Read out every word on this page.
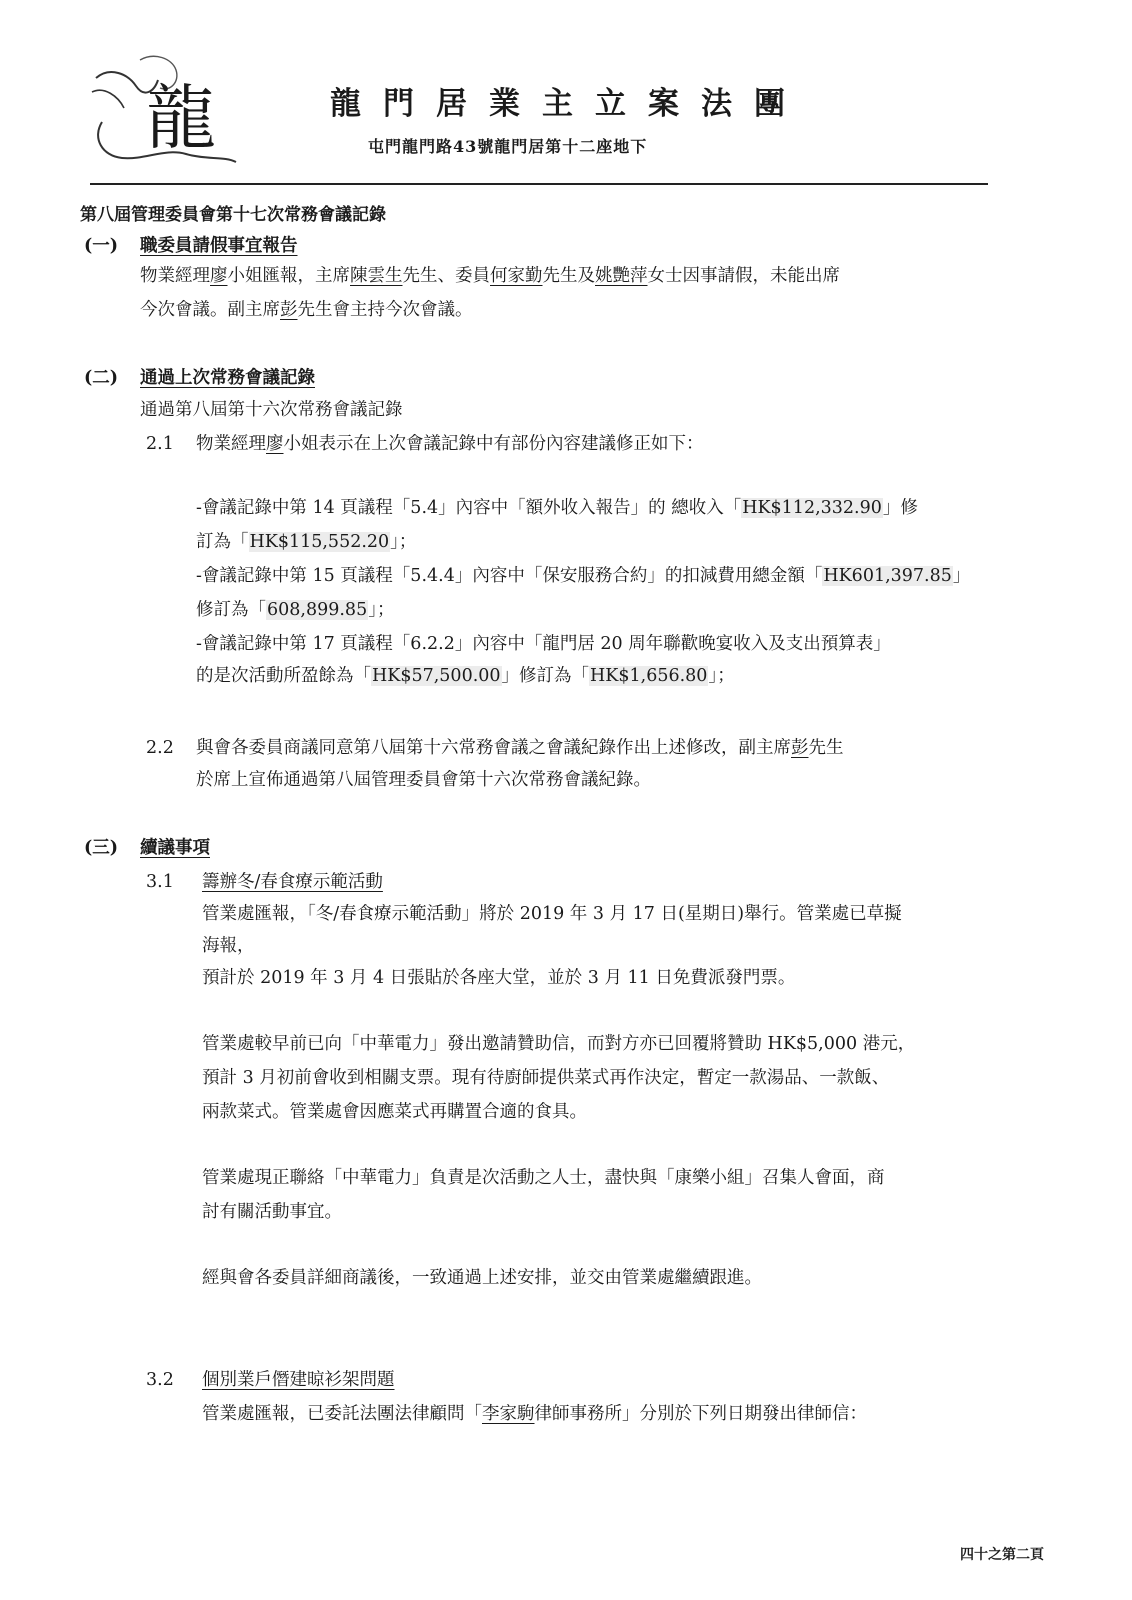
龍	龍門居業主立案法團
屯門龍門路43號龍門居第十二座地下
第八屆管理委員會第十七次常務會議記錄
(一) 職委員請假事宜報告
物業經理廖小姐匯報，主席陳雲生先生、委員何家勤先生及姚艷萍女士因事請假，未能出席
今次會議。副主席彭先生會主持今次會議。
(二) 通過上次常務會議記錄
通過第八屆第十六次常務會議記錄
2.1 物業經理廖小姐表示在上次會議記錄中有部份內容建議修正如下：
-會議記錄中第 14 頁議程「5.4」內容中「額外收入報告」的 總收入「HK$112,332.90」修
訂為「HK$115,552.20」；
-會議記錄中第 15 頁議程「5.4.4」內容中「保安服務合約」的扣減費用總金額「HK601,397.85」
修訂為「608,899.85」；
-會議記錄中第 17 頁議程「6.2.2」內容中「龍門居 20 周年聯歡晚宴收入及支出預算表」
的是次活動所盈餘為「HK$57,500.00」修訂為「HK$1,656.80」；
2.2 與會各委員商議同意第八屆第十六常務會議之會議紀錄作出上述修改，副主席彭先生
於席上宣佈通過第八屆管理委員會第十六次常務會議紀錄。
(三) 續議事項
3.1 籌辦冬/春食療示範活動
管業處匯報，「冬/春食療示範活動」將於 2019 年 3 月 17 日(星期日)舉行。管業處已草擬
海報，
預計於 2019 年 3 月 4 日張貼於各座大堂，並於 3 月 11 日免費派發門票。
管業處較早前已向「中華電力」發出邀請贊助信，而對方亦已回覆將贊助 HK$5,000 港元，
預計 3 月初前會收到相關支票。現有待廚師提供菜式再作決定，暫定一款湯品、一款飯、
兩款菜式。管業處會因應菜式再購置合適的食具。
管業處現正聯絡「中華電力」負責是次活動之人士，盡快與「康樂小組」召集人會面，商
討有關活動事宜。
經與會各委員詳細商議後，一致通過上述安排，並交由管業處繼續跟進。
3.2 個別業戶僭建晾衫架問題
管業處匯報，已委託法團法律顧問「李家駒律師事務所」分別於下列日期發出律師信：
四十之第二頁
